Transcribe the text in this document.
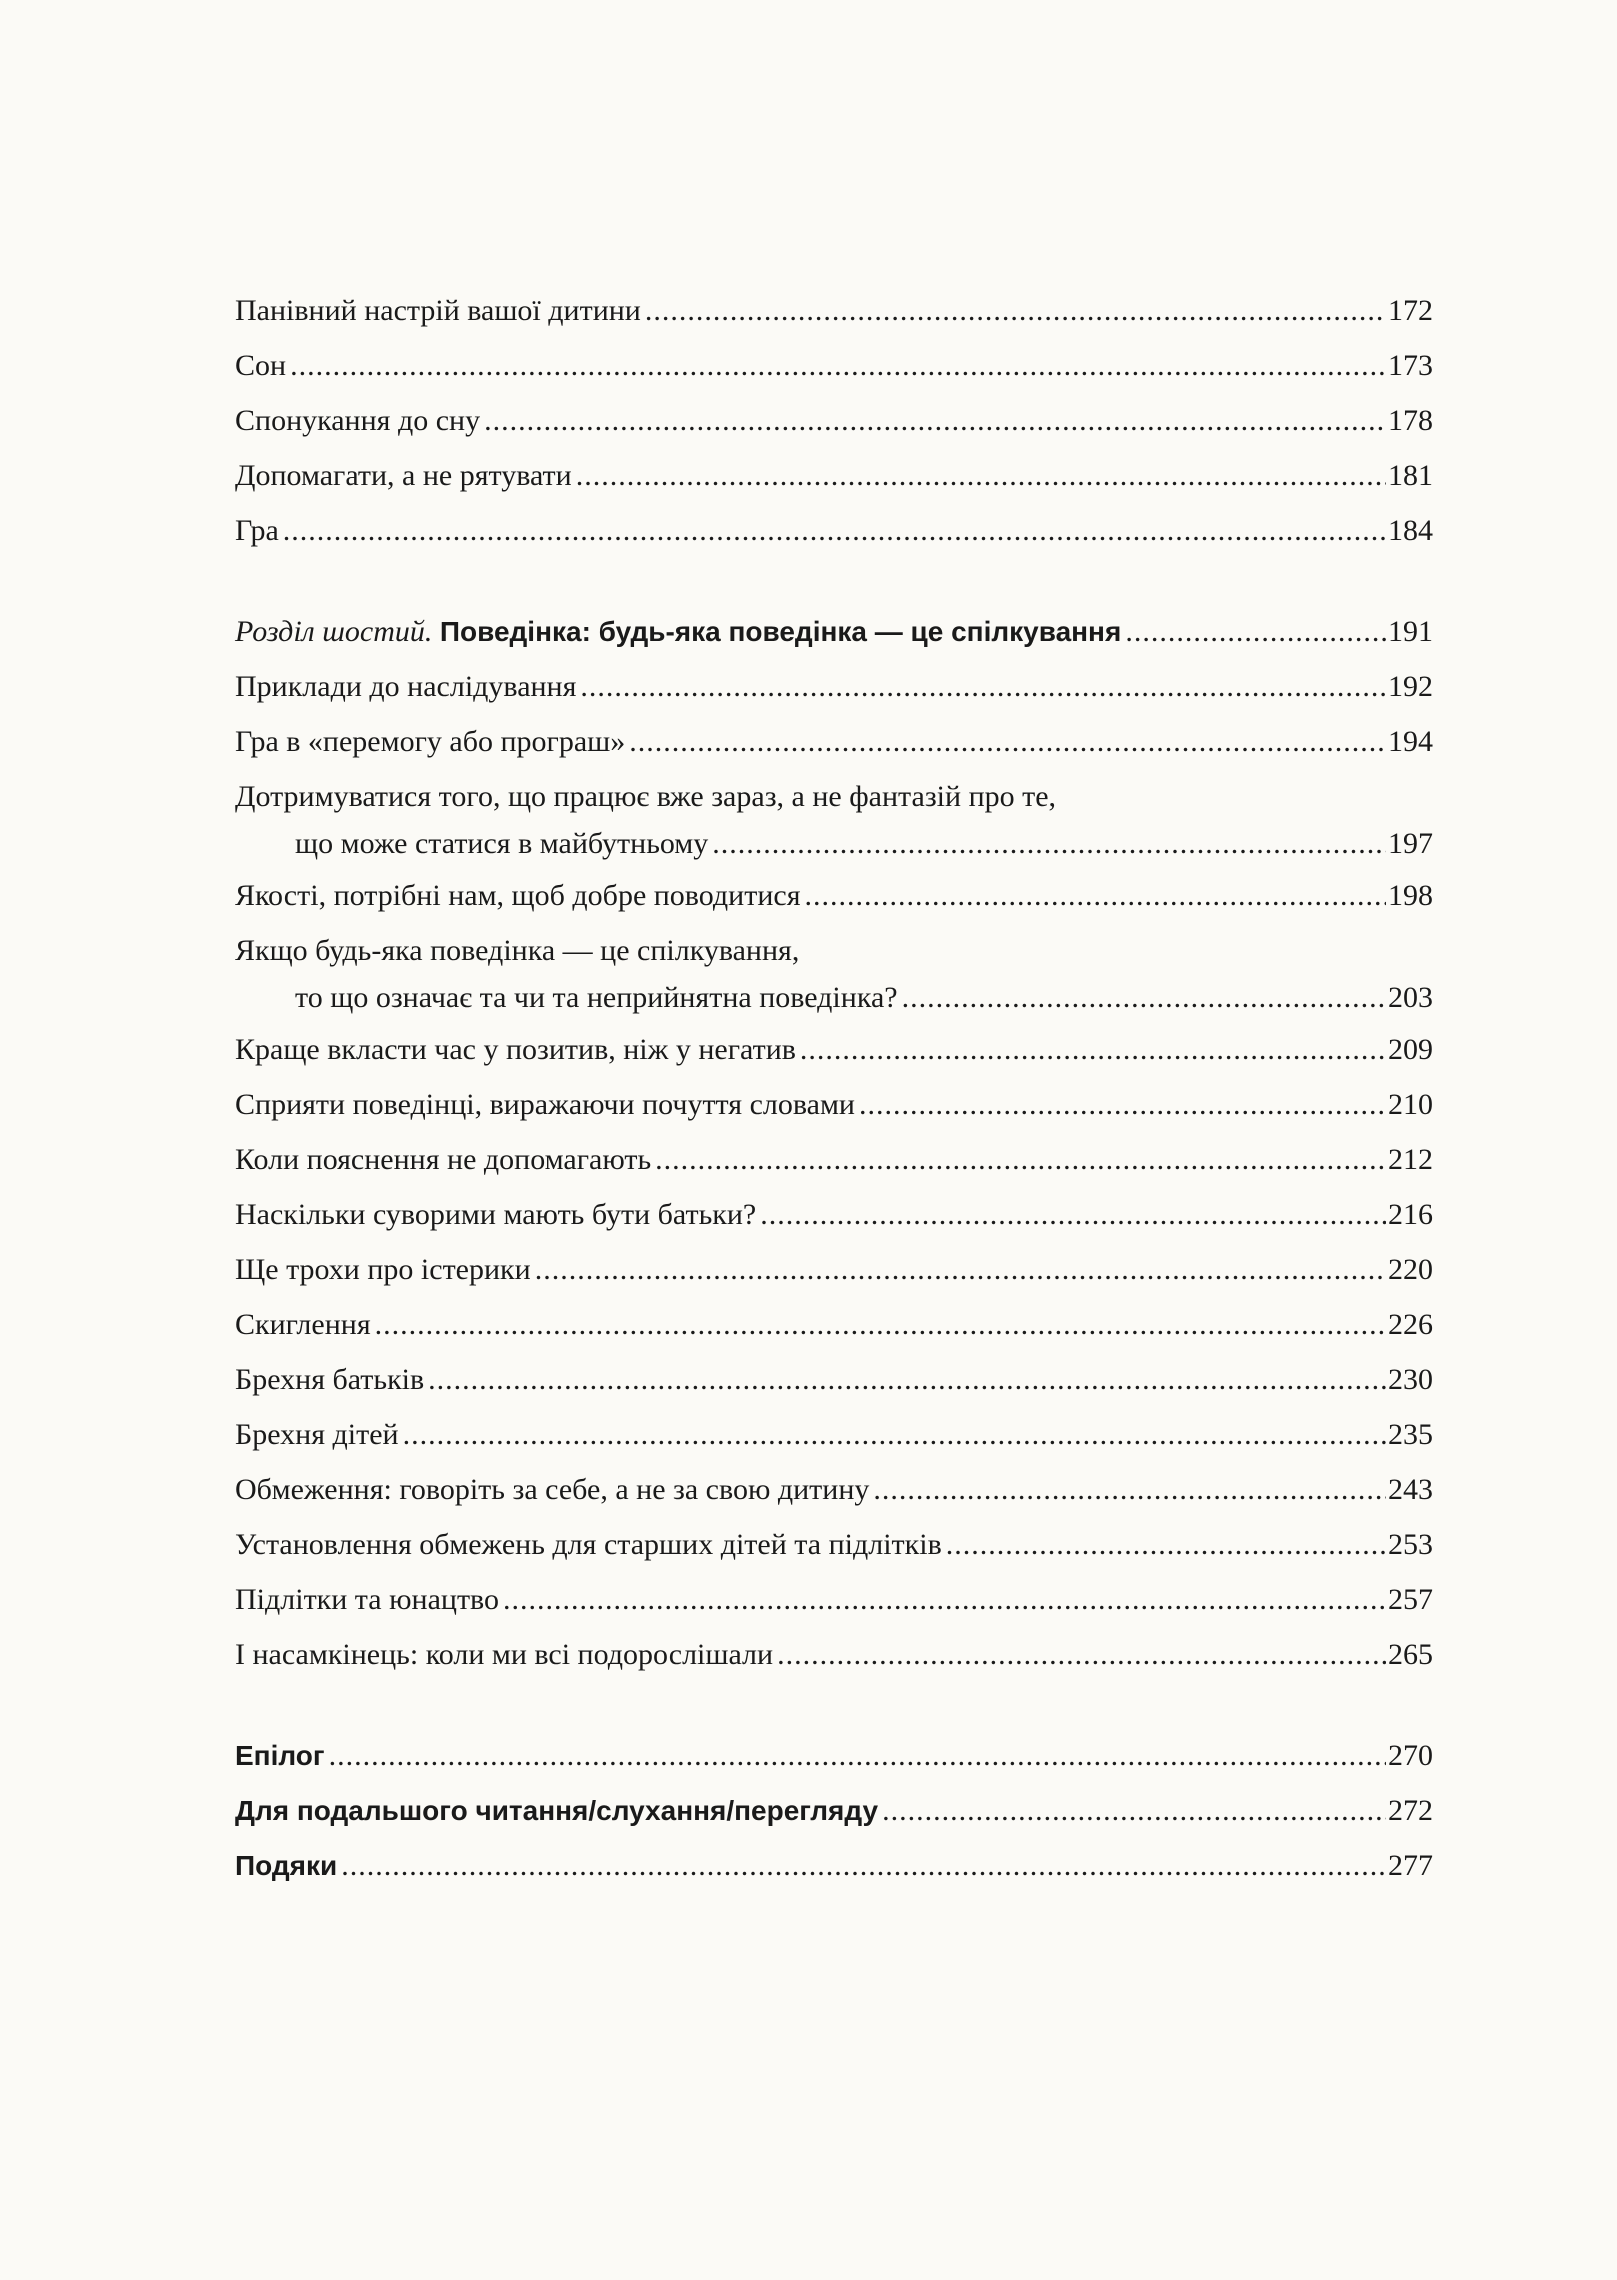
Панівний настрій вашої дитини .....	172
Сон .....	173
Спонукання до сну .....	178
Допомагати, а не рятувати .....	181
Гра .....	184
Розділ шостий. Поведінка: будь-яка поведінка — це спілкування .....	191
Приклади до наслідування .....	192
Гра в «перемогу або програш» .....	194
Дотримуватися того, що працює вже зараз, а не фантазій про те,
що може статися в майбутньому .....	197
Якості, потрібні нам, щоб добре поводитися .....	198
Якщо будь-яка поведінка — це спілкування,
то що означає та чи та неприйнятна поведінка? .....	203
Краще вкласти час у позитив, ніж у негатив .....	209
Сприяти поведінці, виражаючи почуття словами .....	210
Коли пояснення не допомагають .....	212
Наскільки суворими мають бути батьки? .....	216
Ще трохи про істерики .....	220
Скиглення .....	226
Брехня батьків .....	230
Брехня дітей .....	235
Обмеження: говоріть за себе, а не за свою дитину .....	243
Установлення обмежень для старших дітей та підлітків .....	253
Підлітки та юнацтво .....	257
І насамкінець: коли ми всі подорослішали .....	265
Епілог .....	270
Для подальшого читання/слухання/перегляду .....	272
Подяки .....	277
